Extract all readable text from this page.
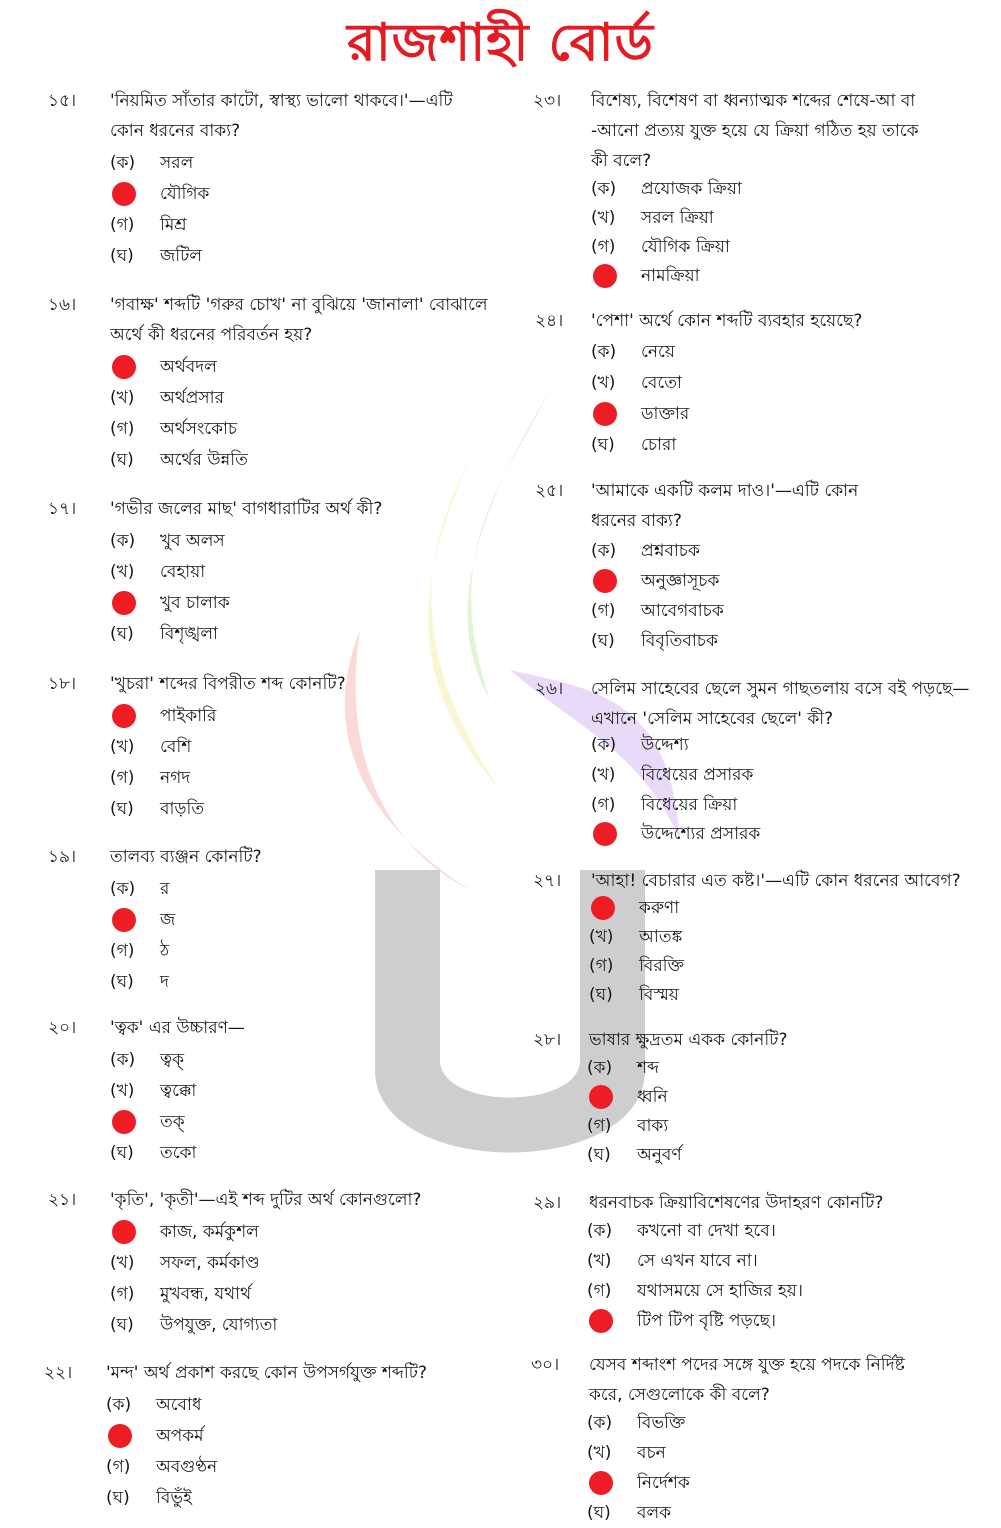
রাজশাহী বোর্ড
১৫। 'নিয়মিত সাঁতার কাটো, স্বাস্থ্য ভালো থাকবে।'—এটি
কোন ধরনের বাক্য?
(ক)	সরল
যৌগিক
(গ)	মিশ্র
(ঘ)	জটিল
১৬। 'গবাক্ষ' শব্দটি 'গরুর চোখ' না বুঝিয়ে 'জানালা' বোঝালে
অর্থে কী ধরনের পরিবর্তন হয়?
অর্থবদল
(খ)	অর্থপ্রসার
(গ)	অর্থসংকোচ
(ঘ)	অর্থের উন্নতি
১৭। 'গভীর জলের মাছ' বাগধারাটির অর্থ কী?
(ক)	খুব অলস
(খ)	বেহায়া
খুব চালাক
(ঘ)	বিশৃঙ্খলা
১৮। 'খুচরা' শব্দের বিপরীত শব্দ কোনটি?
পাইকারি
(খ)	বেশি
(গ)	নগদ
(ঘ)	বাড়তি
১৯। তালব্য ব্যঞ্জন কোনটি?
(ক)	র
জ
(গ)	ঠ
(ঘ)	দ
২০। 'ত্বক' এর উচ্চারণ—
(ক)	ত্বক্
(খ)	ত্বক্কো
তক্
(ঘ)	তকো
২১। 'কৃতি', 'কৃতী'—এই শব্দ দুটির অর্থ কোনগুলো?
কাজ, কর্মকুশল
(খ)	সফল, কর্মকাণ্ড
(গ)	মুখবন্ধ, যথার্থ
(ঘ)	উপযুক্ত, যোগ্যতা
২২। 'মন্দ' অর্থ প্রকাশ করছে কোন উপসর্গযুক্ত শব্দটি?
(ক)	অবোধ
অপকর্ম
(গ)	অবগুণ্ঠন
(ঘ)	বিভুঁই
২৩। বিশেষ্য, বিশেষণ বা ধ্বন্যাত্মক শব্দের শেষে-আ বা
-আনো প্রত্যয় যুক্ত হয়ে যে ক্রিয়া গঠিত হয় তাকে
কী বলে?
(ক)	প্রযোজক ক্রিয়া
(খ)	সরল ক্রিয়া
(গ)	যৌগিক ক্রিয়া
নামক্রিয়া
২৪। 'পেশা' অর্থে কোন শব্দটি ব্যবহার হয়েছে?
(ক)	নেয়ে
(খ)	বেতো
ডাক্তার
(ঘ)	চোরা
২৫। 'আমাকে একটি কলম দাও।'—এটি কোন
ধরনের বাক্য?
(ক)	প্রশ্নবাচক
অনুজ্ঞাসূচক
(গ)	আবেগবাচক
(ঘ)	বিবৃতিবাচক
২৬। সেলিম সাহেবের ছেলে সুমন গাছতলায় বসে বই পড়ছে—
এখানে 'সেলিম সাহেবের ছেলে' কী?
(ক)	উদ্দেশ্য
(খ)	বিধেয়ের প্রসারক
(গ)	বিধেয়ের ক্রিয়া
উদ্দেশ্যের প্রসারক
২৭। 'আহা! বেচারার এত কষ্ট।'—এটি কোন ধরনের আবেগ?
করুণা
(খ)	আতঙ্ক
(গ)	বিরক্তি
(ঘ)	বিস্ময়
২৮। ভাষার ক্ষুদ্রতম একক কোনটি?
(ক)	শব্দ
ধ্বনি
(গ)	বাক্য
(ঘ)	অনুবর্ণ
২৯। ধরনবাচক ক্রিয়াবিশেষণের উদাহরণ কোনটি?
(ক)	কখনো বা দেখা হবে।
(খ)	সে এখন যাবে না।
(গ)	যথাসময়ে সে হাজির হয়।
টিপ টিপ বৃষ্টি পড়ছে।
৩০। যেসব শব্দাংশ পদের সঙ্গে যুক্ত হয়ে পদকে নির্দিষ্ট
করে, সেগুলোকে কী বলে?
(ক)	বিভক্তি
(খ)	বচন
নির্দেশক
(ঘ)	বলক
